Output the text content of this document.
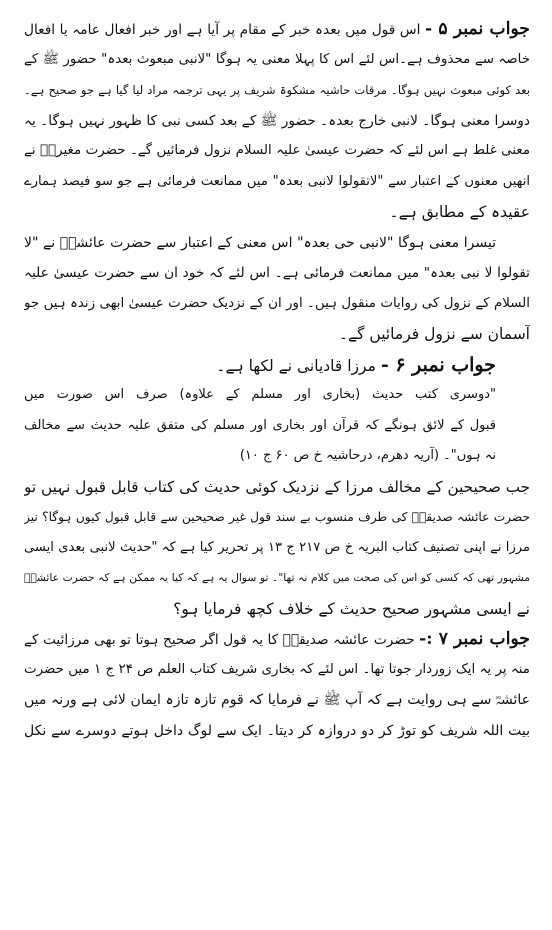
جواب نمبر ۵ - اس قول میں بعدہ خبر کے مقام پر آیا ہے اور خبر افعال عامہ یا افعال
خاصہ سے محذوف ہے۔اس لئے اس کا پہلا معنی یہ ہوگا "لانبی مبعوث بعدہ" حضور ﷺ کے
بعد کوئی مبعوث نہیں ہوگا۔ مرقات حاشیہ مشکوۃ شریف پر یہی ترجمہ مراد لیا گیا ہے جو صحیح ہے۔
دوسرا معنی ہوگا۔ لانبی خارج بعدہ۔ حضور ﷺ کے بعد کسی نبی کا ظہور نہیں ہوگا۔ یہ
معنی غلط ہے اس لئے کہ حضرت عیسیٰ علیہ السلام نزول فرمائیں گے۔ حضرت مغیرہؓ نے
انھیں معنوں کے اعتبار سے "لاتقولوا لانبی بعدہ" میں ممانعت فرمائی ہے جو سو فیصد ہمارے
عقیدہ کے مطابق ہے۔
تیسرا معنی ہوگا "لانبی حی بعدہ" اس معنی کے اعتبار سے حضرت عائشہؓ نے "لا
تقولوا لا نبی بعدہ" میں ممانعت فرمائی ہے۔ اس لئے کہ خود ان سے حضرت عیسیٰ علیہ
السلام کے نزول کی روایات منقول ہیں۔ اور ان کے نزدیک حضرت عیسیٰ ابھی زندہ ہیں جو
آسمان سے نزول فرمائیں گے۔
جواب نمبر ۶ - مرزا قادیانی نے لکھا ہے۔
"دوسری کتب حدیث (بخاری اور مسلم کے علاوہ) صرف اس صورت میں
قبول کے لائق ہونگے کہ قرآن اور بخاری اور مسلم کی متفق علیہ حدیث سے مخالف
نہ ہوں"۔ (آریہ دھرم، درحاشیہ خ ص ۶۰ ج ۱۰)
جب صحیحین کے مخالف مرزا کے نزدیک کوئی حدیث کی کتاب قابل قبول نہیں تو
حضرت عائشہ صدیقہؓ کی طرف منسوب بے سند قول غیر صحیحین سے قابل قبول کیوں ہوگا؟ نیز
مرزا نے اپنی تصنیف کتاب البریہ خ ص ۲۱۷ ج ۱۳ پر تحریر کیا ہے کہ "حدیث لانبی بعدی ایسی
مشہور تھی کہ کسی کو اس کی صحت میں کلام نہ تھا"۔ تو سوال یہ ہے کہ کیا یہ ممکن ہے کہ حضرت عائشہؓ
نے ایسی مشہور صحیح حدیث کے خلاف کچھ فرمایا ہو؟
جواب نمبر ۷ :- حضرت عائشہ صدیقہؓ کا یہ قول اگر صحیح ہوتا تو بھی مرزائیت کے
منہ پر یہ ایک زوردار جوتا تھا۔ اس لئے کہ بخاری شریف کتاب العلم ص ۲۴ ج ۱ میں حضرت
عائشہؓ سے ہی روایت ہے کہ آپ ﷺ نے فرمایا کہ قوم تازہ تازہ ایمان لائی ہے ورنہ میں
بیت اللہ شریف کو توڑ کر دو دروازہ کر دیتا۔ ایک سے لوگ داخل ہوتے دوسرے سے نکل
